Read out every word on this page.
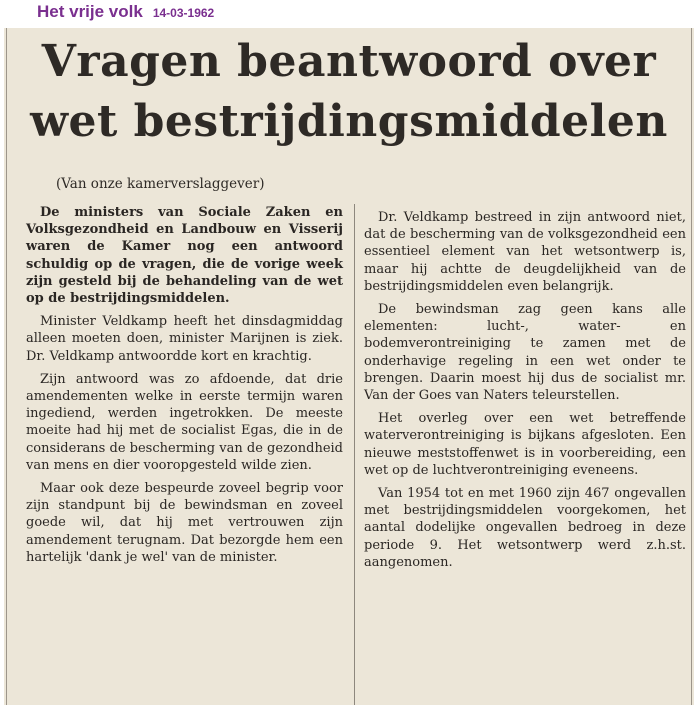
Het vrije volk 14-03-1962
Vragen beantwoord over
wet bestrijdingsmiddelen
(Van onze kamerverslaggever)

De ministers van Sociale Zaken en Volksgezondheid en Landbouw en Visserij waren de Kamer nog een antwoord schuldig op de vragen, die de vorige week zijn gesteld bij de behandeling van de wet op de bestrijdingsmiddelen.

Minister Veldkamp heeft het dinsdagmiddag alleen moeten doen, minister Marijnen is ziek. Dr. Veldkamp antwoordde kort en krachtig.

Zijn antwoord was zo afdoende, dat drie amendementen welke in eerste termijn waren ingediend, werden ingetrokken. De meeste moeite had hij met de socialist Egas, die in de considerans de bescherming van de gezondheid van mens en dier vooropgesteld wilde zien.

Maar ook deze bespeurde zoveel begrip voor zijn standpunt bij de bewindsman en zoveel goede wil, dat hij met vertrouwen zijn amendement terugnam. Dat bezorgde hem een hartelijk 'dank je wel' van de minister.

Dr. Veldkamp bestreed in zijn antwoord niet, dat de bescherming van de volksgezondheid een essentieel element van het wetsontwerp is, maar hij achtte de deugdelijkheid van de bestrijdingsmiddelen even belangrijk.

De bewindsman zag geen kans alle elementen: lucht-, water- en bodemverontreiniging te zamen met de onderhavige regeling in een wet onder te brengen. Daarin moest hij dus de socialist mr. Van der Goes van Naters teleurstellen.

Het overleg over een wet betreffende waterverontreiniging is bijkans afgesloten. Een nieuwe meststoffenwet is in voorbereiding, een wet op de luchtverontreiniging eveneens.

Van 1954 tot en met 1960 zijn 467 ongevallen met bestrijdingsmiddelen voorgekomen, het aantal dodelijke ongevallen bedroeg in deze periode 9. Het wetsontwerp werd z.h.st. aangenomen.
